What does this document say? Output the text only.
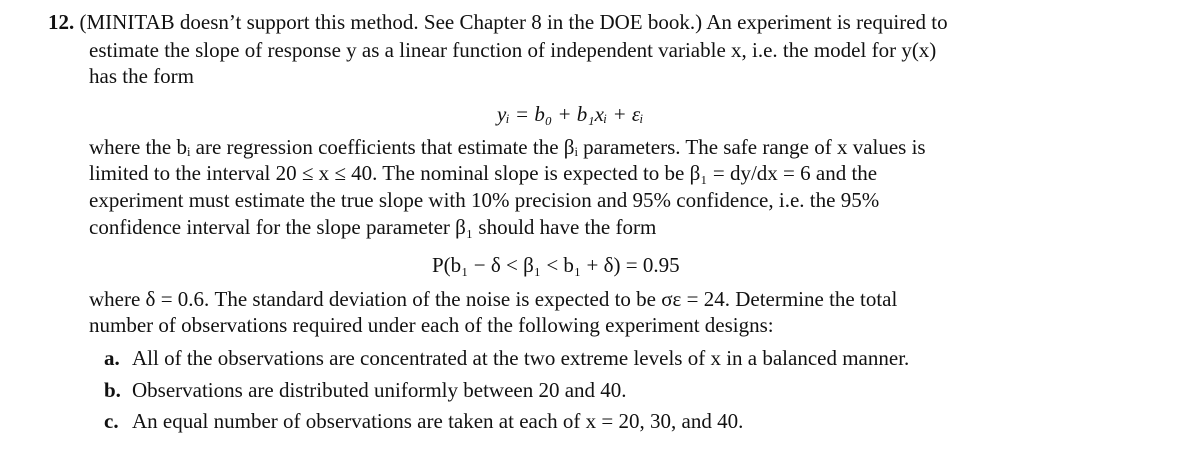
12. (MINITAB doesn’t support this method. See Chapter 8 in the DOE book.) An experiment is required to
estimate the slope of response y as a linear function of independent variable x, i.e. the model for y(x)
has the form
yᵢ = b₀ + b₁xᵢ + εᵢ
where the bᵢ are regression coefficients that estimate the βᵢ parameters. The safe range of x values is
limited to the interval 20 ≤ x ≤ 40. The nominal slope is expected to be β₁ = dy/dx = 6 and the
experiment must estimate the true slope with 10% precision and 95% confidence, i.e. the 95%
confidence interval for the slope parameter β₁ should have the form
P(b₁ − δ < β₁ < b₁ + δ) = 0.95
where δ = 0.6. The standard deviation of the noise is expected to be σε = 24. Determine the total
number of observations required under each of the following experiment designs:
a. All of the observations are concentrated at the two extreme levels of x in a balanced manner.
b. Observations are distributed uniformly between 20 and 40.
c. An equal number of observations are taken at each of x = 20, 30, and 40.
